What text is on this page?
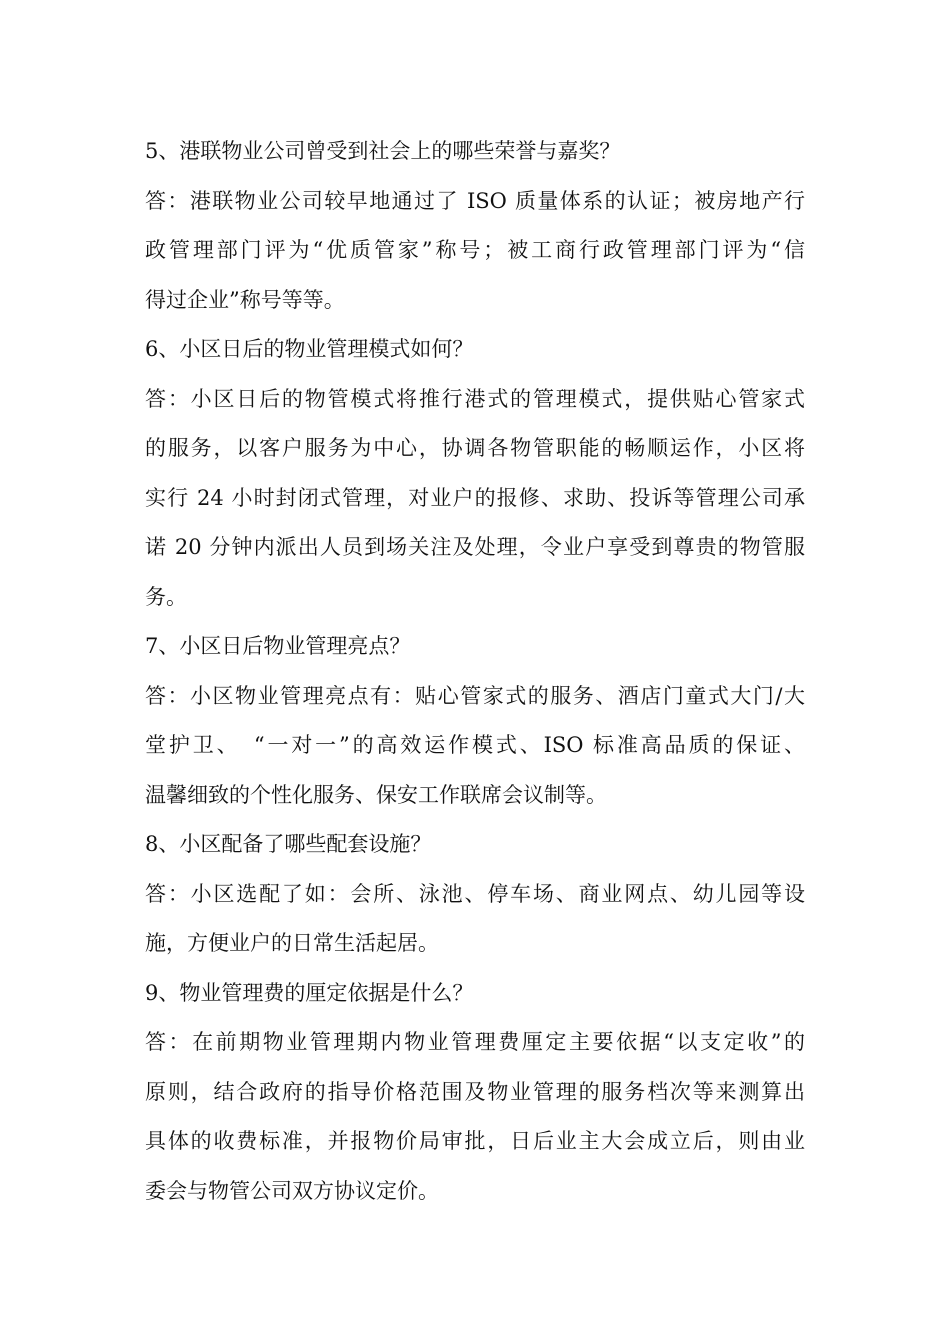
5、港联物业公司曾受到社会上的哪些荣誉与嘉奖？
答：港联物业公司较早地通过了 ISO 质量体系的认证；被房地产行
政管理部门评为“优质管家”称号；被工商行政管理部门评为“信
得过企业”称号等等。
6、小区日后的物业管理模式如何？
答：小区日后的物管模式将推行港式的管理模式，提供贴心管家式
的服务，以客户服务为中心，协调各物管职能的畅顺运作，小区将
实行 24 小时封闭式管理，对业户的报修、求助、投诉等管理公司承
诺 20 分钟内派出人员到场关注及处理，令业户享受到尊贵的物管服
务。
7、小区日后物业管理亮点？
答：小区物业管理亮点有：贴心管家式的服务、酒店门童式大门/大
堂护卫、　“一对一”的高效运作模式、ISO 标准高品质的保证、
温馨细致的个性化服务、保安工作联席会议制等。
8、小区配备了哪些配套设施？
答：小区选配了如：会所、泳池、停车场、商业网点、幼儿园等设
施，方便业户的日常生活起居。
9、物业管理费的厘定依据是什么？
答：在前期物业管理期内物业管理费厘定主要依据“以支定收”的
原则，结合政府的指导价格范围及物业管理的服务档次等来测算出
具体的收费标准，并报物价局审批，日后业主大会成立后，则由业
委会与物管公司双方协议定价。
